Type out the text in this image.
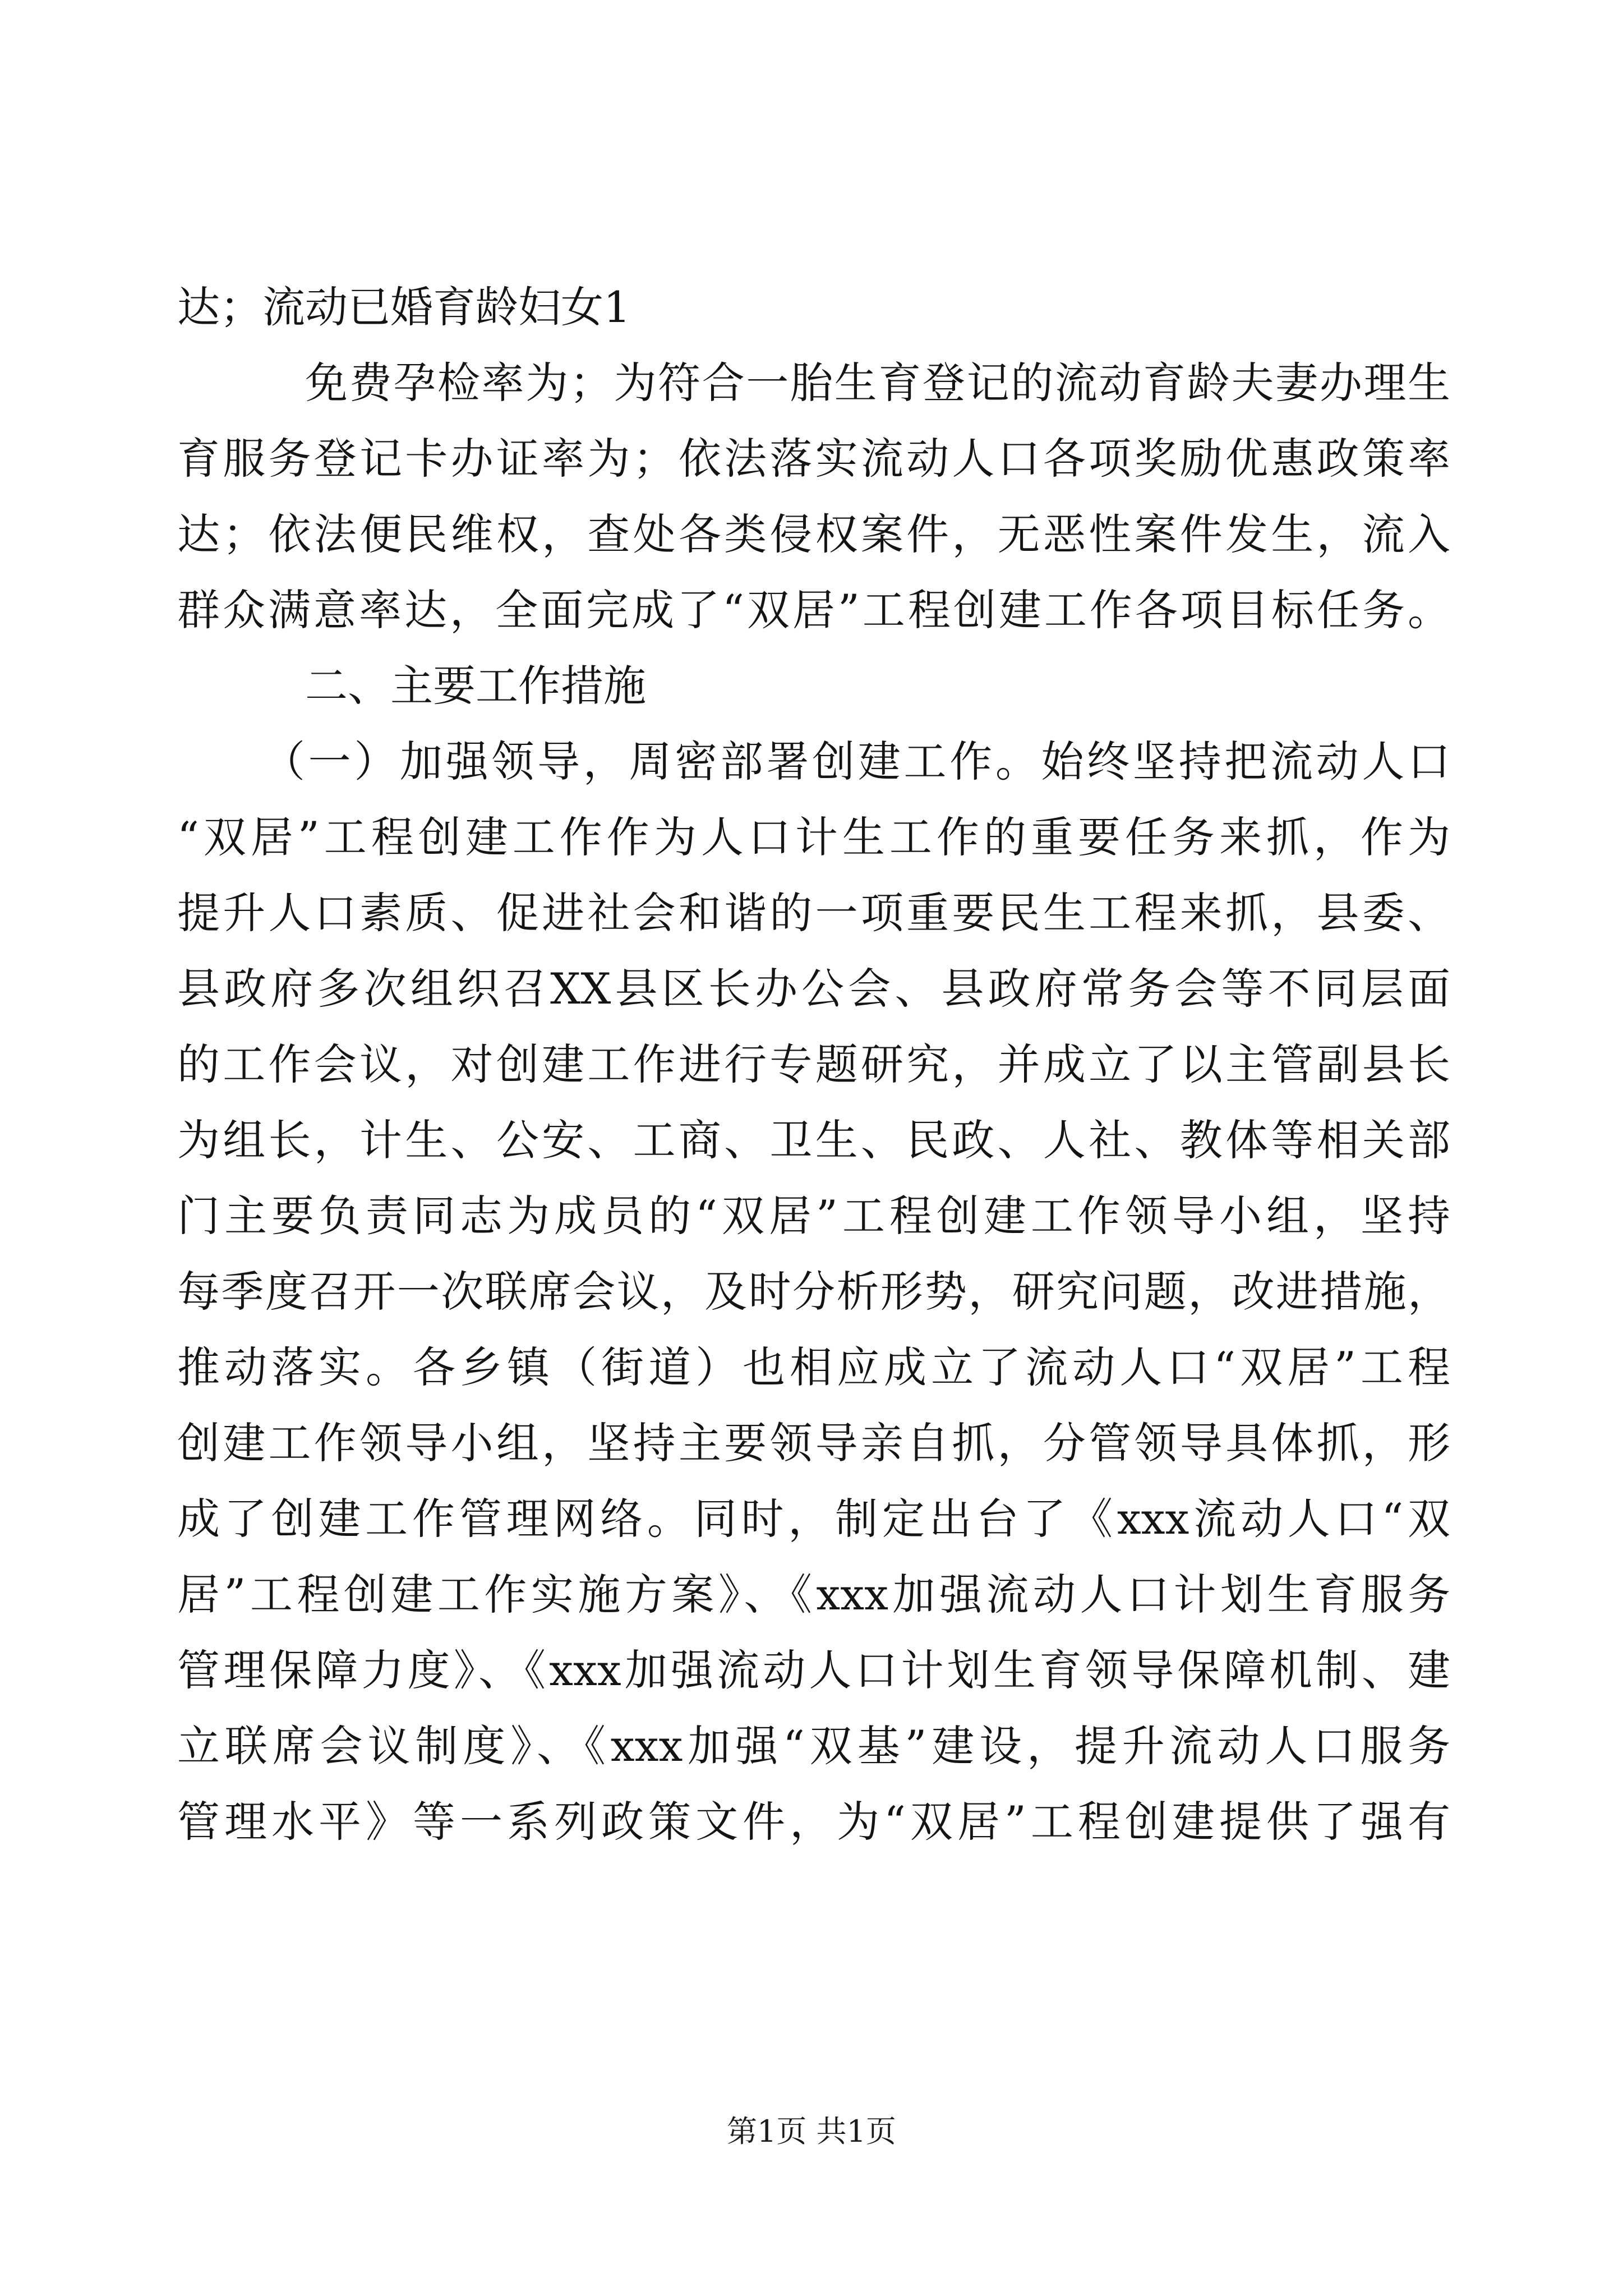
达；流动已婚育龄妇女1
免费孕检率为；为符合一胎生育登记的流动育龄夫妻办理生
育服务登记卡办证率为；依法落实流动人口各项奖励优惠政策率
达；依法便民维权，查处各类侵权案件，无恶性案件发生，流入
群众满意率达，全面完成了“双居”工程创建工作各项目标任务。
二、主要工作措施
（一）加强领导，周密部署创建工作。始终坚持把流动人口
“双居”工程创建工作作为人口计生工作的重要任务来抓，作为
提升人口素质、促进社会和谐的一项重要民生工程来抓，县委、
县政府多次组织召XX县区长办公会、县政府常务会等不同层面
的工作会议，对创建工作进行专题研究，并成立了以主管副县长
为组长，计生、公安、工商、卫生、民政、人社、教体等相关部
门主要负责同志为成员的“双居”工程创建工作领导小组，坚持
每季度召开一次联席会议，及时分析形势，研究问题，改进措施，
推动落实。各乡镇（街道）也相应成立了流动人口“双居”工程
创建工作领导小组，坚持主要领导亲自抓，分管领导具体抓，形
成了创建工作管理网络。同时，制定出台了《xxx流动人口“双
居”工程创建工作实施方案》、《xxx加强流动人口计划生育服务
管理保障力度》、《xxx加强流动人口计划生育领导保障机制、建
立联席会议制度》、《xxx加强“双基”建设，提升流动人口服务
管理水平》等一系列政策文件，为“双居”工程创建提供了强有
第1页 共1页
